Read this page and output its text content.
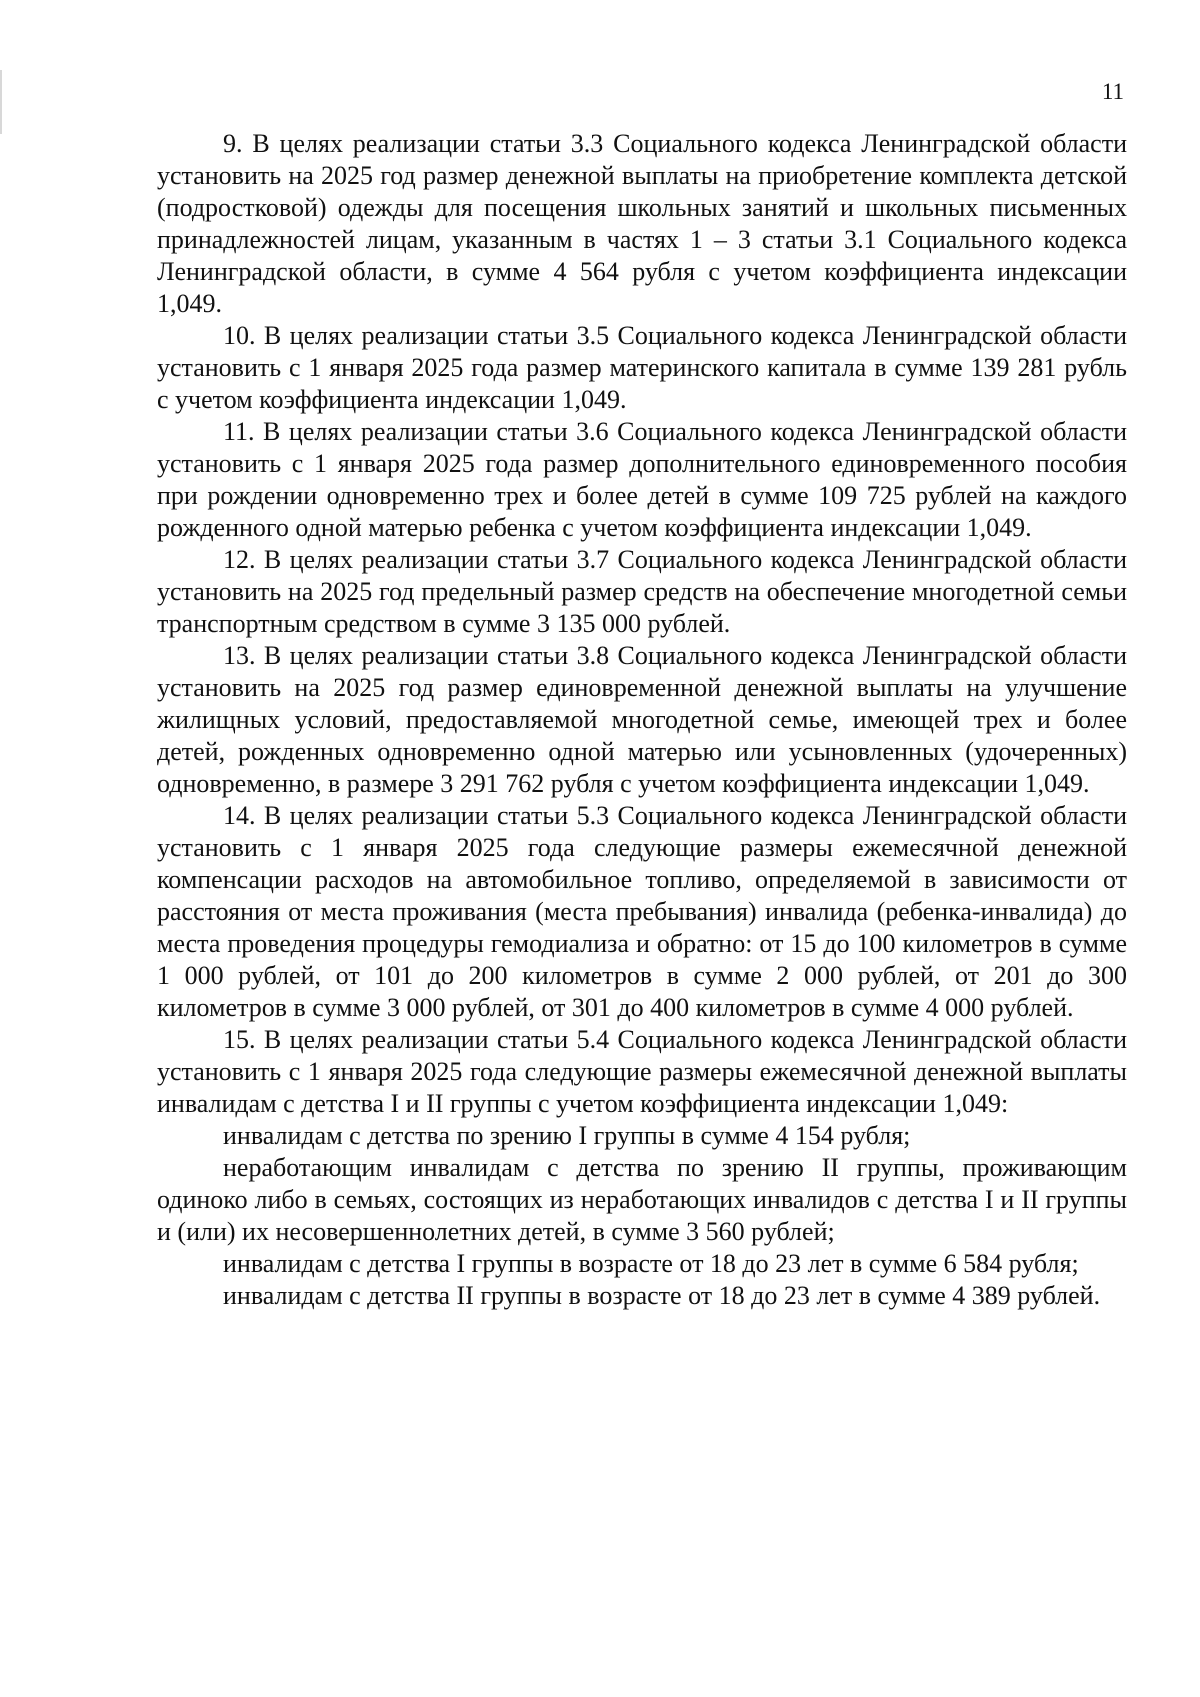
11

9. В целях реализации статьи 3.3 Социального кодекса Ленинградской области установить на 2025 год размер денежной выплаты на приобретение комплекта детской (подростковой) одежды для посещения школьных занятий и школьных письменных принадлежностей лицам, указанным в частях 1 – 3 статьи 3.1 Социального кодекса Ленинградской области, в сумме 4 564 рубля с учетом коэффициента индексации 1,049.

10. В целях реализации статьи 3.5 Социального кодекса Ленинградской области установить с 1 января 2025 года размер материнского капитала в сумме 139 281 рубль с учетом коэффициента индексации 1,049.

11. В целях реализации статьи 3.6 Социального кодекса Ленинградской области установить с 1 января 2025 года размер дополнительного единовременного пособия при рождении одновременно трех и более детей в сумме 109 725 рублей на каждого рожденного одной матерью ребенка с учетом коэффициента индексации 1,049.

12. В целях реализации статьи 3.7 Социального кодекса Ленинградской области установить на 2025 год предельный размер средств на обеспечение многодетной семьи транспортным средством в сумме 3 135 000 рублей.

13. В целях реализации статьи 3.8 Социального кодекса Ленинградской области установить на 2025 год размер единовременной денежной выплаты на улучшение жилищных условий, предоставляемой многодетной семье, имеющей трех и более детей, рожденных одновременно одной матерью или усыновленных (удочеренных) одновременно, в размере 3 291 762 рубля с учетом коэффициента индексации 1,049.

14. В целях реализации статьи 5.3 Социального кодекса Ленинградской области установить с 1 января 2025 года следующие размеры ежемесячной денежной компенсации расходов на автомобильное топливо, определяемой в зависимости от расстояния от места проживания (места пребывания) инвалида (ребенка-инвалида) до места проведения процедуры гемодиализа и обратно: от 15 до 100 километров в сумме 1 000 рублей, от 101 до 200 километров в сумме 2 000 рублей, от 201 до 300 километров в сумме 3 000 рублей, от 301 до 400 километров в сумме 4 000 рублей.

15. В целях реализации статьи 5.4 Социального кодекса Ленинградской области установить с 1 января 2025 года следующие размеры ежемесячной денежной выплаты инвалидам с детства I и II группы с учетом коэффициента индексации 1,049:

инвалидам с детства по зрению I группы в сумме 4 154 рубля;

неработающим инвалидам с детства по зрению II группы, проживающим одиноко либо в семьях, состоящих из неработающих инвалидов с детства I и II группы и (или) их несовершеннолетних детей, в сумме 3 560 рублей;

инвалидам с детства I группы в возрасте от 18 до 23 лет в сумме 6 584 рубля;

инвалидам с детства II группы в возрасте от 18 до 23 лет в сумме 4 389 рублей.
